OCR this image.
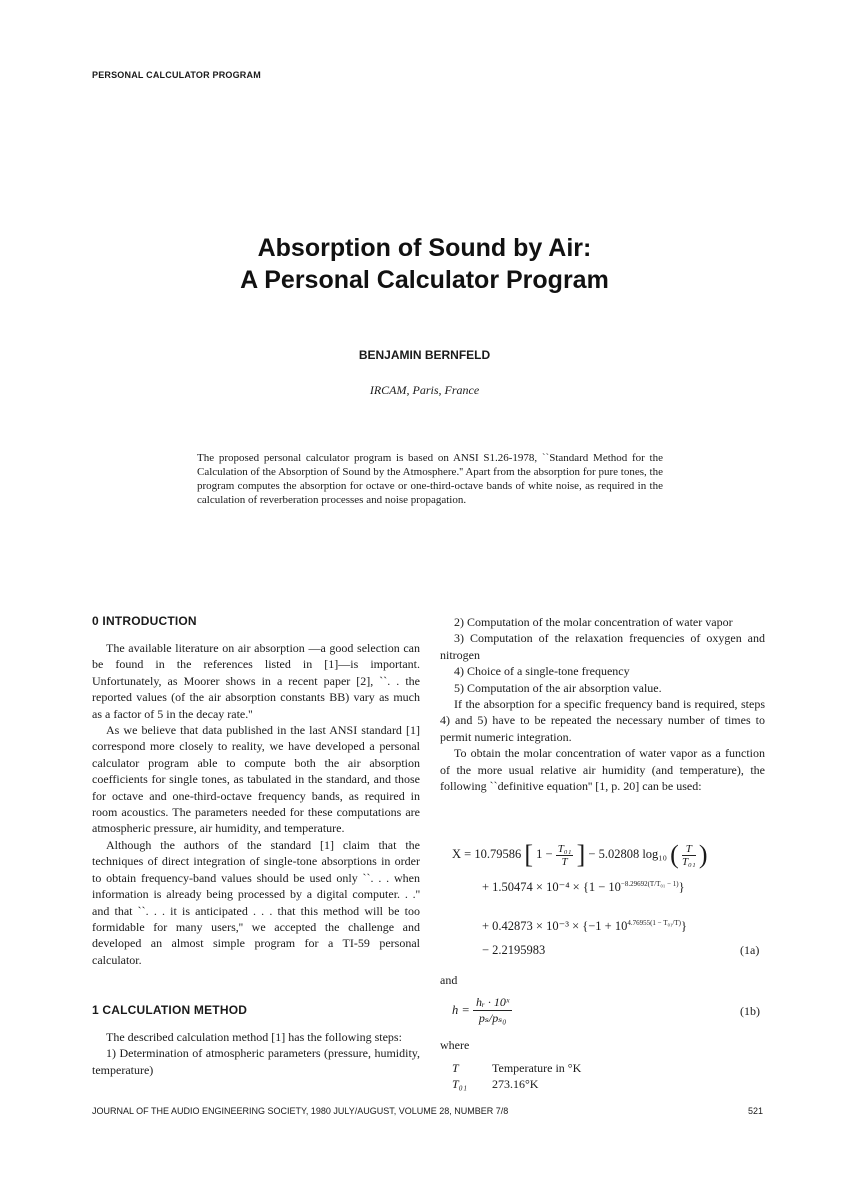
PERSONAL CALCULATOR PROGRAM
Absorption of Sound by Air:
A Personal Calculator Program
BENJAMIN BERNFELD
IRCAM, Paris, France
The proposed personal calculator program is based on ANSI S1.26-1978, ``Standard Method for the Calculation of the Absorption of Sound by the Atmosphere.'' Apart from the absorption for pure tones, the program computes the absorption for octave or one-third-octave bands of white noise, as required in the calculation of reverberation processes and noise propagation.
0 INTRODUCTION

The available literature on air absorption —a good selection can be found in the references listed in [1]—is important. Unfortunately, as Moorer shows in a recent paper [2], ``. . the reported values (of the air absorption constants BB) vary as much as a factor of 5 in the decay rate.''

As we believe that data published in the last ANSI standard [1] correspond more closely to reality, we have developed a personal calculator program able to compute both the air absorption coefficients for single tones, as tabulated in the standard, and those for octave and one-third-octave frequency bands, as required in room acoustics. The parameters needed for these computations are atmospheric pressure, air humidity, and temperature.

Although the authors of the standard [1] claim that the techniques of direct integration of single-tone absorptions in order to obtain frequency-band values should be used only ``. . . when information is already being processed by a digital computer. . .'' and that ``. . . it is anticipated . . . that this method will be too formidable for many users,'' we accepted the challenge and developed an almost simple program for a TI-59 personal calculator.

1 CALCULATION METHOD

The described calculation method [1] has the following steps:

1) Determination of atmospheric parameters (pressure, humidity, temperature)

2) Computation of the molar concentration of water vapor

3) Computation of the relaxation frequencies of oxygen and nitrogen

4) Choice of a single-tone frequency

5) Computation of the air absorption value.

If the absorption for a specific frequency band is required, steps 4) and 5) have to be repeated the necessary number of times to permit numeric integration.

To obtain the molar concentration of water vapor as a function of the more usual relative air humidity (and temperature), the following ``definitive equation'' [1, p. 20] can be used:

X = 10.79586 [ $1 - \frac{\text{T₀₁}}{T}$ ] − 5.02808 log₁₀ ( $\frac{T}{\text{T₀₁}}$ )
+ $1.50474 \times 10^{-4} \times \{1 - 10^{-8.29692(T/T_{01} - 1)}\}$
+ $0.42873 \times 10^{-3} \times \{-1 + 10^{4.76955(1 - T_{01}/T)}\}$
− 2.2195983	(1a)
and
$h = \frac{\text{hᵣ · 10ˣ}}{\text{pₛ/pₛ₀}}$	(1b)
where
T	Temperature in °K
T₀₁ 273.16°K
JOURNAL OF THE AUDIO ENGINEERING SOCIETY, 1980 JULY/AUGUST, VOLUME 28, NUMBER 7/8	521
